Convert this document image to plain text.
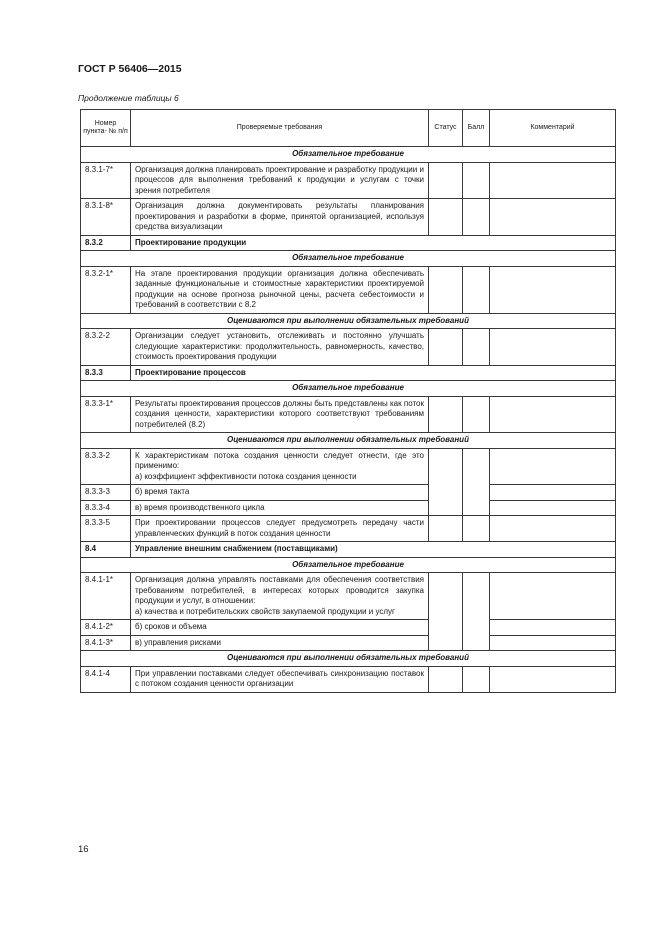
ГОСТ Р 56406—2015
Продолжение таблицы 6
Номер пункта- № п/п	Проверяемые требования	Статус	Балл	Комментарий
Обязательное требование				
8.3.1-7*	Организация должна планировать проектирование и разработку продукции и процессов для выполнения требований к продукции и услугам с точки зрения потребителя			
8.3.1-8*	Организация должна документировать результаты планирования проектирования и разработки в форме, принятой организацией, используя средства визуализации			
8.3.2	Проектирование продукции			
Обязательное требование				
8.3.2-1*	На этапе проектирования продукции организация должна обеспечивать заданные функциональные и стоимостные характеристики проектируемой продукции на основе прогноза рыночной цены, расчета себестоимости и требований в соответствии с 8.2			
Оцениваются при выполнении обязательных требований				
8.3.2-2	Организации следует установить, отслеживать и постоянно улучшать следующие характеристики: продолжительность, равномерность, качество, стоимость проектирования продукции			
8.3.3	Проектирование процессов			
Обязательное требование				
8.3.3-1*	Результаты проектирования процессов должны быть представлены как поток создания ценности, характеристики которого соответствуют требованиям потребителей (8.2)			
Оцениваются при выполнении обязательных требований				
8.3.3-2	К характеристикам потока создания ценности следует отнести, где это применимо:
а) коэффициент эффективности потока создания ценности			
8.3.3-3	б) время такта			
8.3.3-4	в) время производственного цикла			
8.3.3-5	При проектировании процессов следует предусмотреть передачу части управленческих функций в поток создания ценности			
8.4	Управление внешним снабжением (поставщиками)			
Обязательное требование				
8.4.1-1*	Организация должна управлять поставками для обеспечения соответствия требованиям потребителей, в интересах которых проводится закупка продукции и услуг, в отношении:
а) качества и потребительских свойств закупаемой продукции и услуг			
8.4.1-2*	б) сроков и объема			
8.4.1-3*	в) управления рисками			
Оцениваются при выполнении обязательных требований				
8.4.1-4	При управлении поставками следует обеспечивать синхронизацию поставок с потоком создания ценности организации			
16
